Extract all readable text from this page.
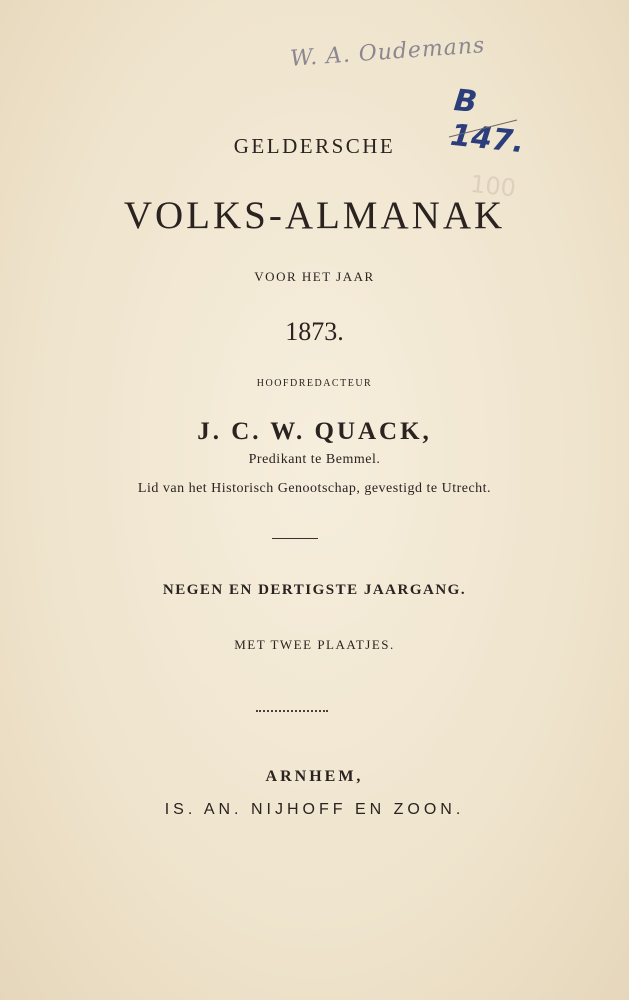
W. A. Oudemans
B 147.
100
GELDERSCHE
VOLKS-ALMANAK
VOOR HET JAAR
1873.
HOOFDREDACTEUR
J. C. W. QUACK,
Predikant te Bemmel.
Lid van het Historisch Genootschap, gevestigd te Utrecht.
NEGEN EN DERTIGSTE JAARGANG.
MET TWEE PLAATJES.
ARNHEM,
IS. AN. NIJHOFF EN ZOON.
